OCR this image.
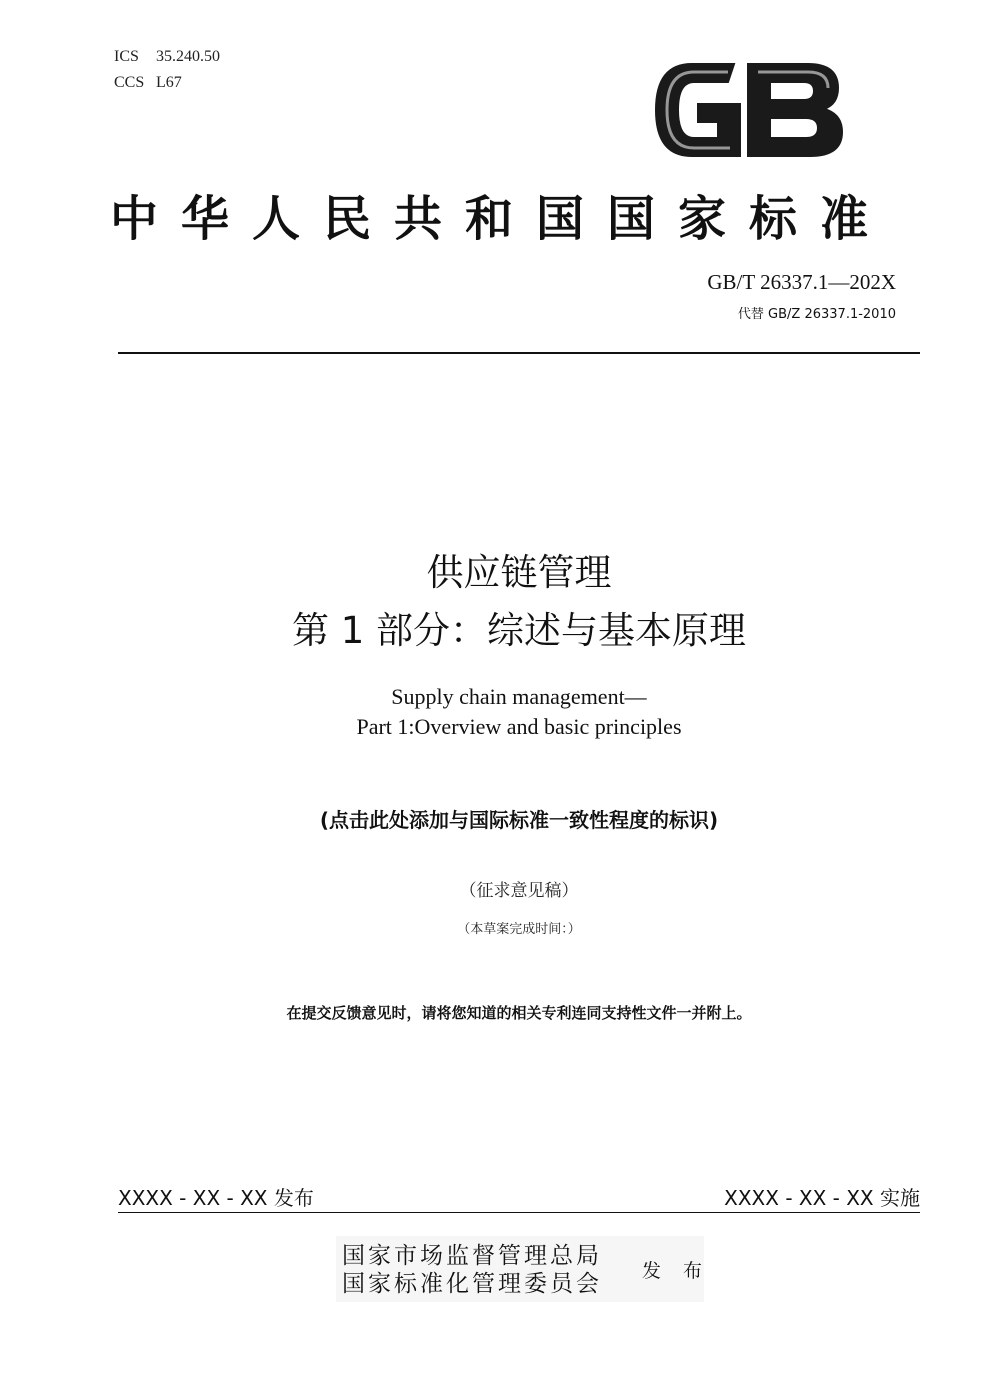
ICS 35.240.50
CCS L67
中华人民共和国国家标准
GB/T 26337.1—202X
代替 GB/Z 26337.1-2010
供应链管理
第 1 部分：综述与基本原理
Supply chain management—
Part 1:Overview and basic principles
(点击此处添加与国际标准一致性程度的标识)
（征求意见稿）
（本草案完成时间：）
在提交反馈意见时，请将您知道的相关专利连同支持性文件一并附上。
XXXX - XX - XX 发布	XXXX - XX - XX 实施
国家市场监督管理总局
国家标准化管理委员会 发 布
